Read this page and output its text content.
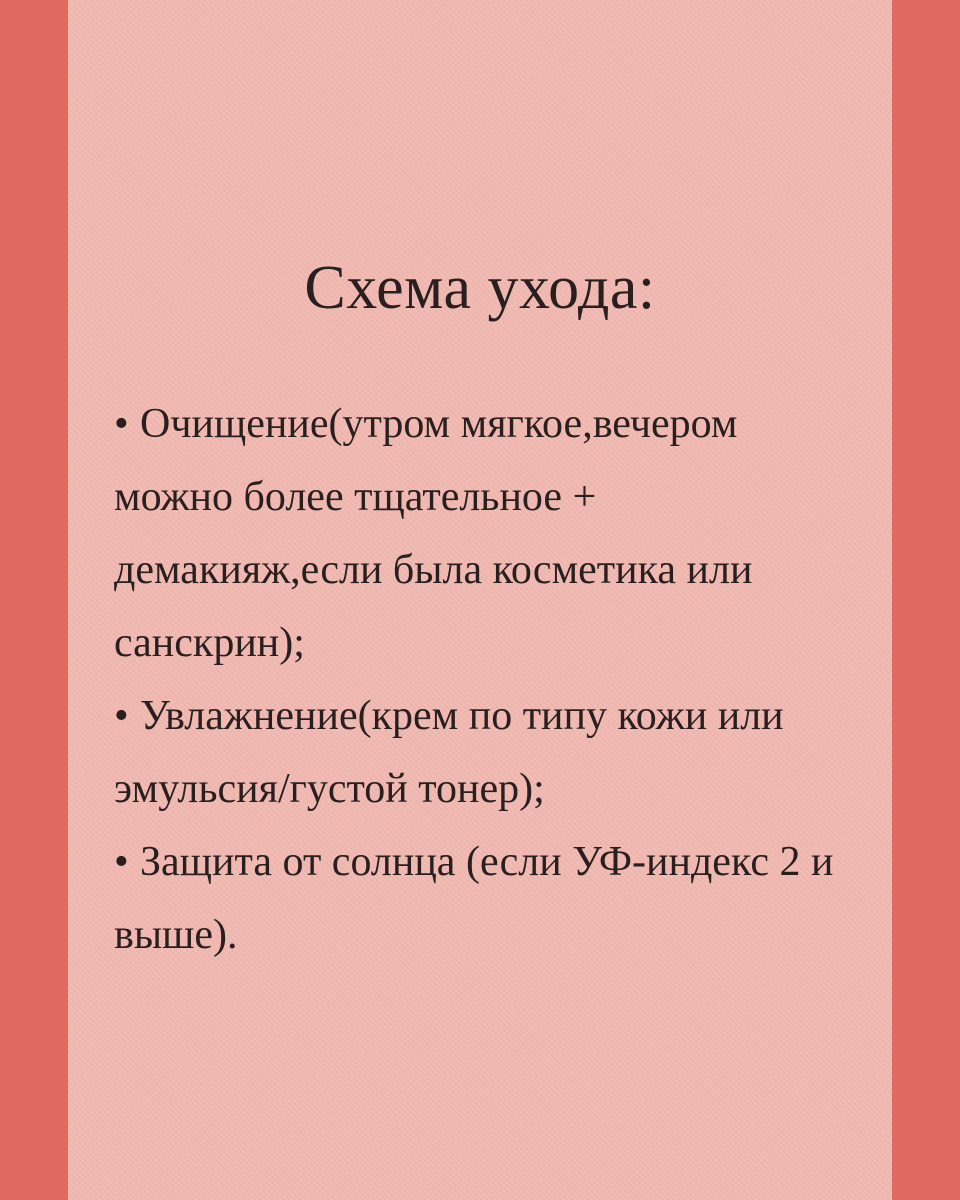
Схема ухода:

• Очищение(утром мягкое,вечером можно более тщательное + демакияж,если была косметика или санскрин);

• Увлажнение(крем по типу кожи или эмульсия/густой тонер);

• Защита от солнца (если УФ-индекс 2 и выше).
